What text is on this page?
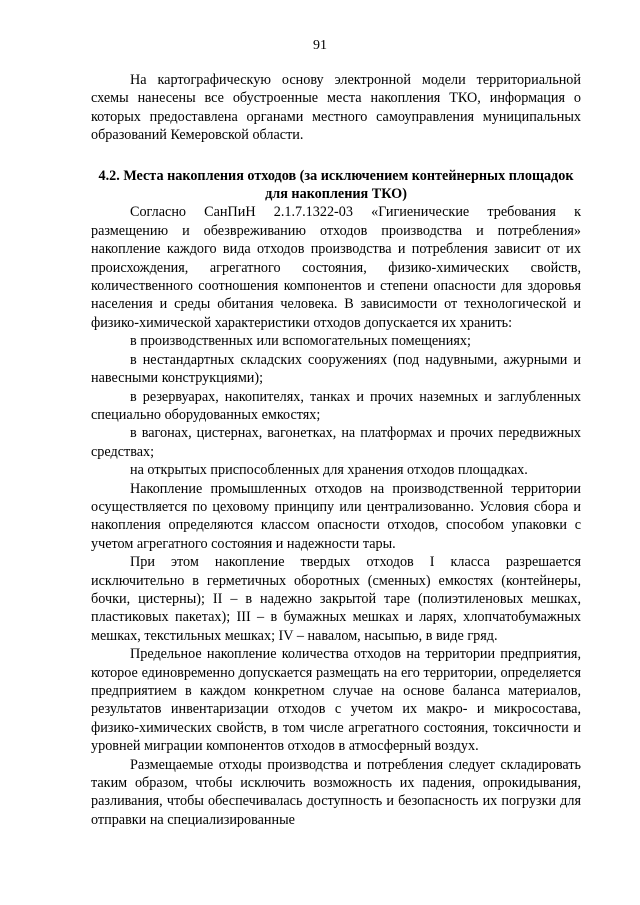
91

На картографическую основу электронной модели территориальной схемы нанесены все обустроенные места накопления ТКО, информация о которых предоставлена органами местного самоуправления муниципальных образований Кемеровской области.

4.2. Места накопления отходов (за исключением контейнерных площадок для накопления ТКО)

Согласно СанПиН 2.1.7.1322-03 «Гигиенические требования к размещению и обезвреживанию отходов производства и потребления» накопление каждого вида отходов производства и потребления зависит от их происхождения, агрегатного состояния, физико-химических свойств, количественного соотношения компонентов и степени опасности для здоровья населения и среды обитания человека. В зависимости от технологической и физико-химической характеристики отходов допускается их хранить:

в производственных или вспомогательных помещениях;

в нестандартных складских сооружениях (под надувными, ажурными и навесными конструкциями);

в резервуарах, накопителях, танках и прочих наземных и заглубленных специально оборудованных емкостях;

в вагонах, цистернах, вагонетках, на платформах и прочих передвижных средствах;

на открытых приспособленных для хранения отходов площадках.

Накопление промышленных отходов на производственной территории осуществляется по цеховому принципу или централизованно. Условия сбора и накопления определяются классом опасности отходов, способом упаковки с учетом агрегатного состояния и надежности тары.

При этом накопление твердых отходов I класса разрешается исключительно в герметичных оборотных (сменных) емкостях (контейнеры, бочки, цистерны); II – в надежно закрытой таре (полиэтиленовых мешках, пластиковых пакетах); III – в бумажных мешках и ларях, хлопчатобумажных мешках, текстильных мешках; IV – навалом, насыпью, в виде гряд.

Предельное накопление количества отходов на территории предприятия, которое единовременно допускается размещать на его территории, определяется предприятием в каждом конкретном случае на основе баланса материалов, результатов инвентаризации отходов с учетом их макро- и микросостава, физико-химических свойств, в том числе агрегатного состояния, токсичности и уровней миграции компонентов отходов в атмосферный воздух.

Размещаемые отходы производства и потребления следует складировать таким образом, чтобы исключить возможность их падения, опрокидывания, разливания, чтобы обеспечивалась доступность и безопасность их погрузки для отправки на специализированные
